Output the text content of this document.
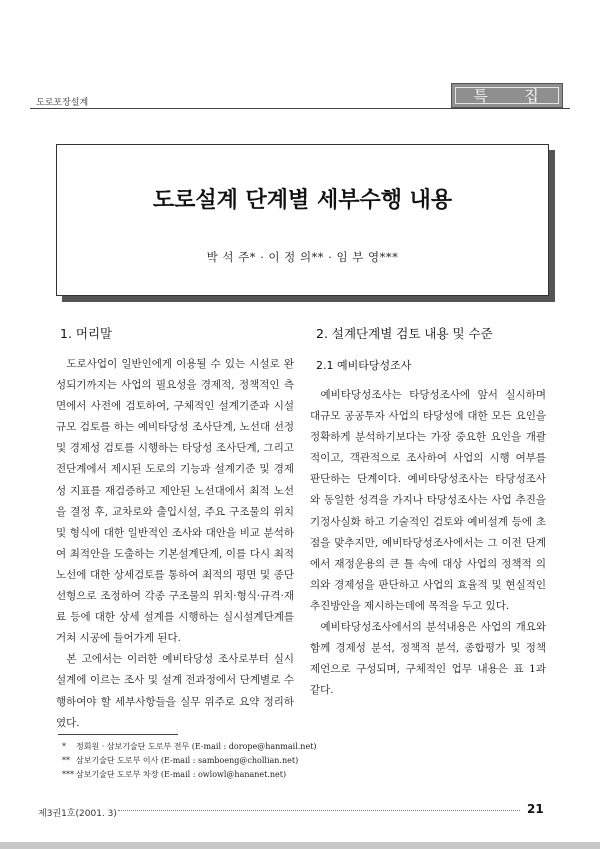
도로포장설계	특 집
도로설계 단계별 세부수행 내용
박 석 주* · 이 정 의** · 임 부 영***
1. 머리말

도로사업이 일반인에게 이용될 수 있는 시설로 완성되기까지는 사업의 필요성을 경제적, 정책적인 측면에서 사전에 검토하여, 구체적인 설계기준과 시설규모 검토를 하는 예비타당성 조사단계, 노선대 선정 및 경제성 검토를 시행하는 타당성 조사단계, 그리고 전단계에서 제시된 도로의 기능과 설계기준 및 경제성 지표를 재검증하고 제안된 노선대에서 최적 노선을 결정 후, 교차로와 출입시설, 주요 구조물의 위치 및 형식에 대한 일반적인 조사와 대안을 비교 분석하여 최적안을 도출하는 기본설계단계, 이를 다시 최적 노선에 대한 상세검토를 통하여 최적의 평면 및 종단선형으로 조정하여 각종 구조물의 위치·형식·규격·재료 등에 대한 상세 설계를 시행하는 실시설계단계를 거쳐 시공에 들어가게 된다.

본 고에서는 이러한 예비타당성 조사로부터 실시설계에 이르는 조사 및 설계 전과정에서 단계별로 수행하여야 할 세부사항들을 실무 위주로 요약 정리하였다.

2. 설계단계별 검토 내용 및 수준
2.1 예비타당성조사

예비타당성조사는 타당성조사에 앞서 실시하며 대규모 공공투자 사업의 타당성에 대한 모든 요인을 정확하게 분석하기보다는 가장 중요한 요인을 개괄적이고, 객관적으로 조사하여 사업의 시행 여부를 판단하는 단계이다. 예비타당성조사는 타당성조사와 동일한 성격을 가지나 타당성조사는 사업 추진을 기정사실화 하고 기술적인 검토와 예비설계 등에 초점을 맞추지만, 예비타당성조사에서는 그 이전 단계에서 재정운용의 큰 틀 속에 대상 사업의 정책적 의의와 경제성을 판단하고 사업의 효율적 및 현실적인 추진방안을 제시하는데에 목적을 두고 있다.

예비타당성조사에서의 분석내용은 사업의 개요와 함께 경제성 분석, 정책적 분석, 종합평가 및 정책 제언으로 구성되며, 구체적인 업무 내용은 표 1과 같다.

* 정회원 · 삼보기술단 도로부 전무 (E-mail : dorope@hanmail.net)
** 삼보기술단 도로부 이사 (E-mail : samboeng@chollian.net)
*** 삼보기술단 도로부 차장 (E-mail : owlowl@hananet.net)
제3권1호(2001. 3)	21
